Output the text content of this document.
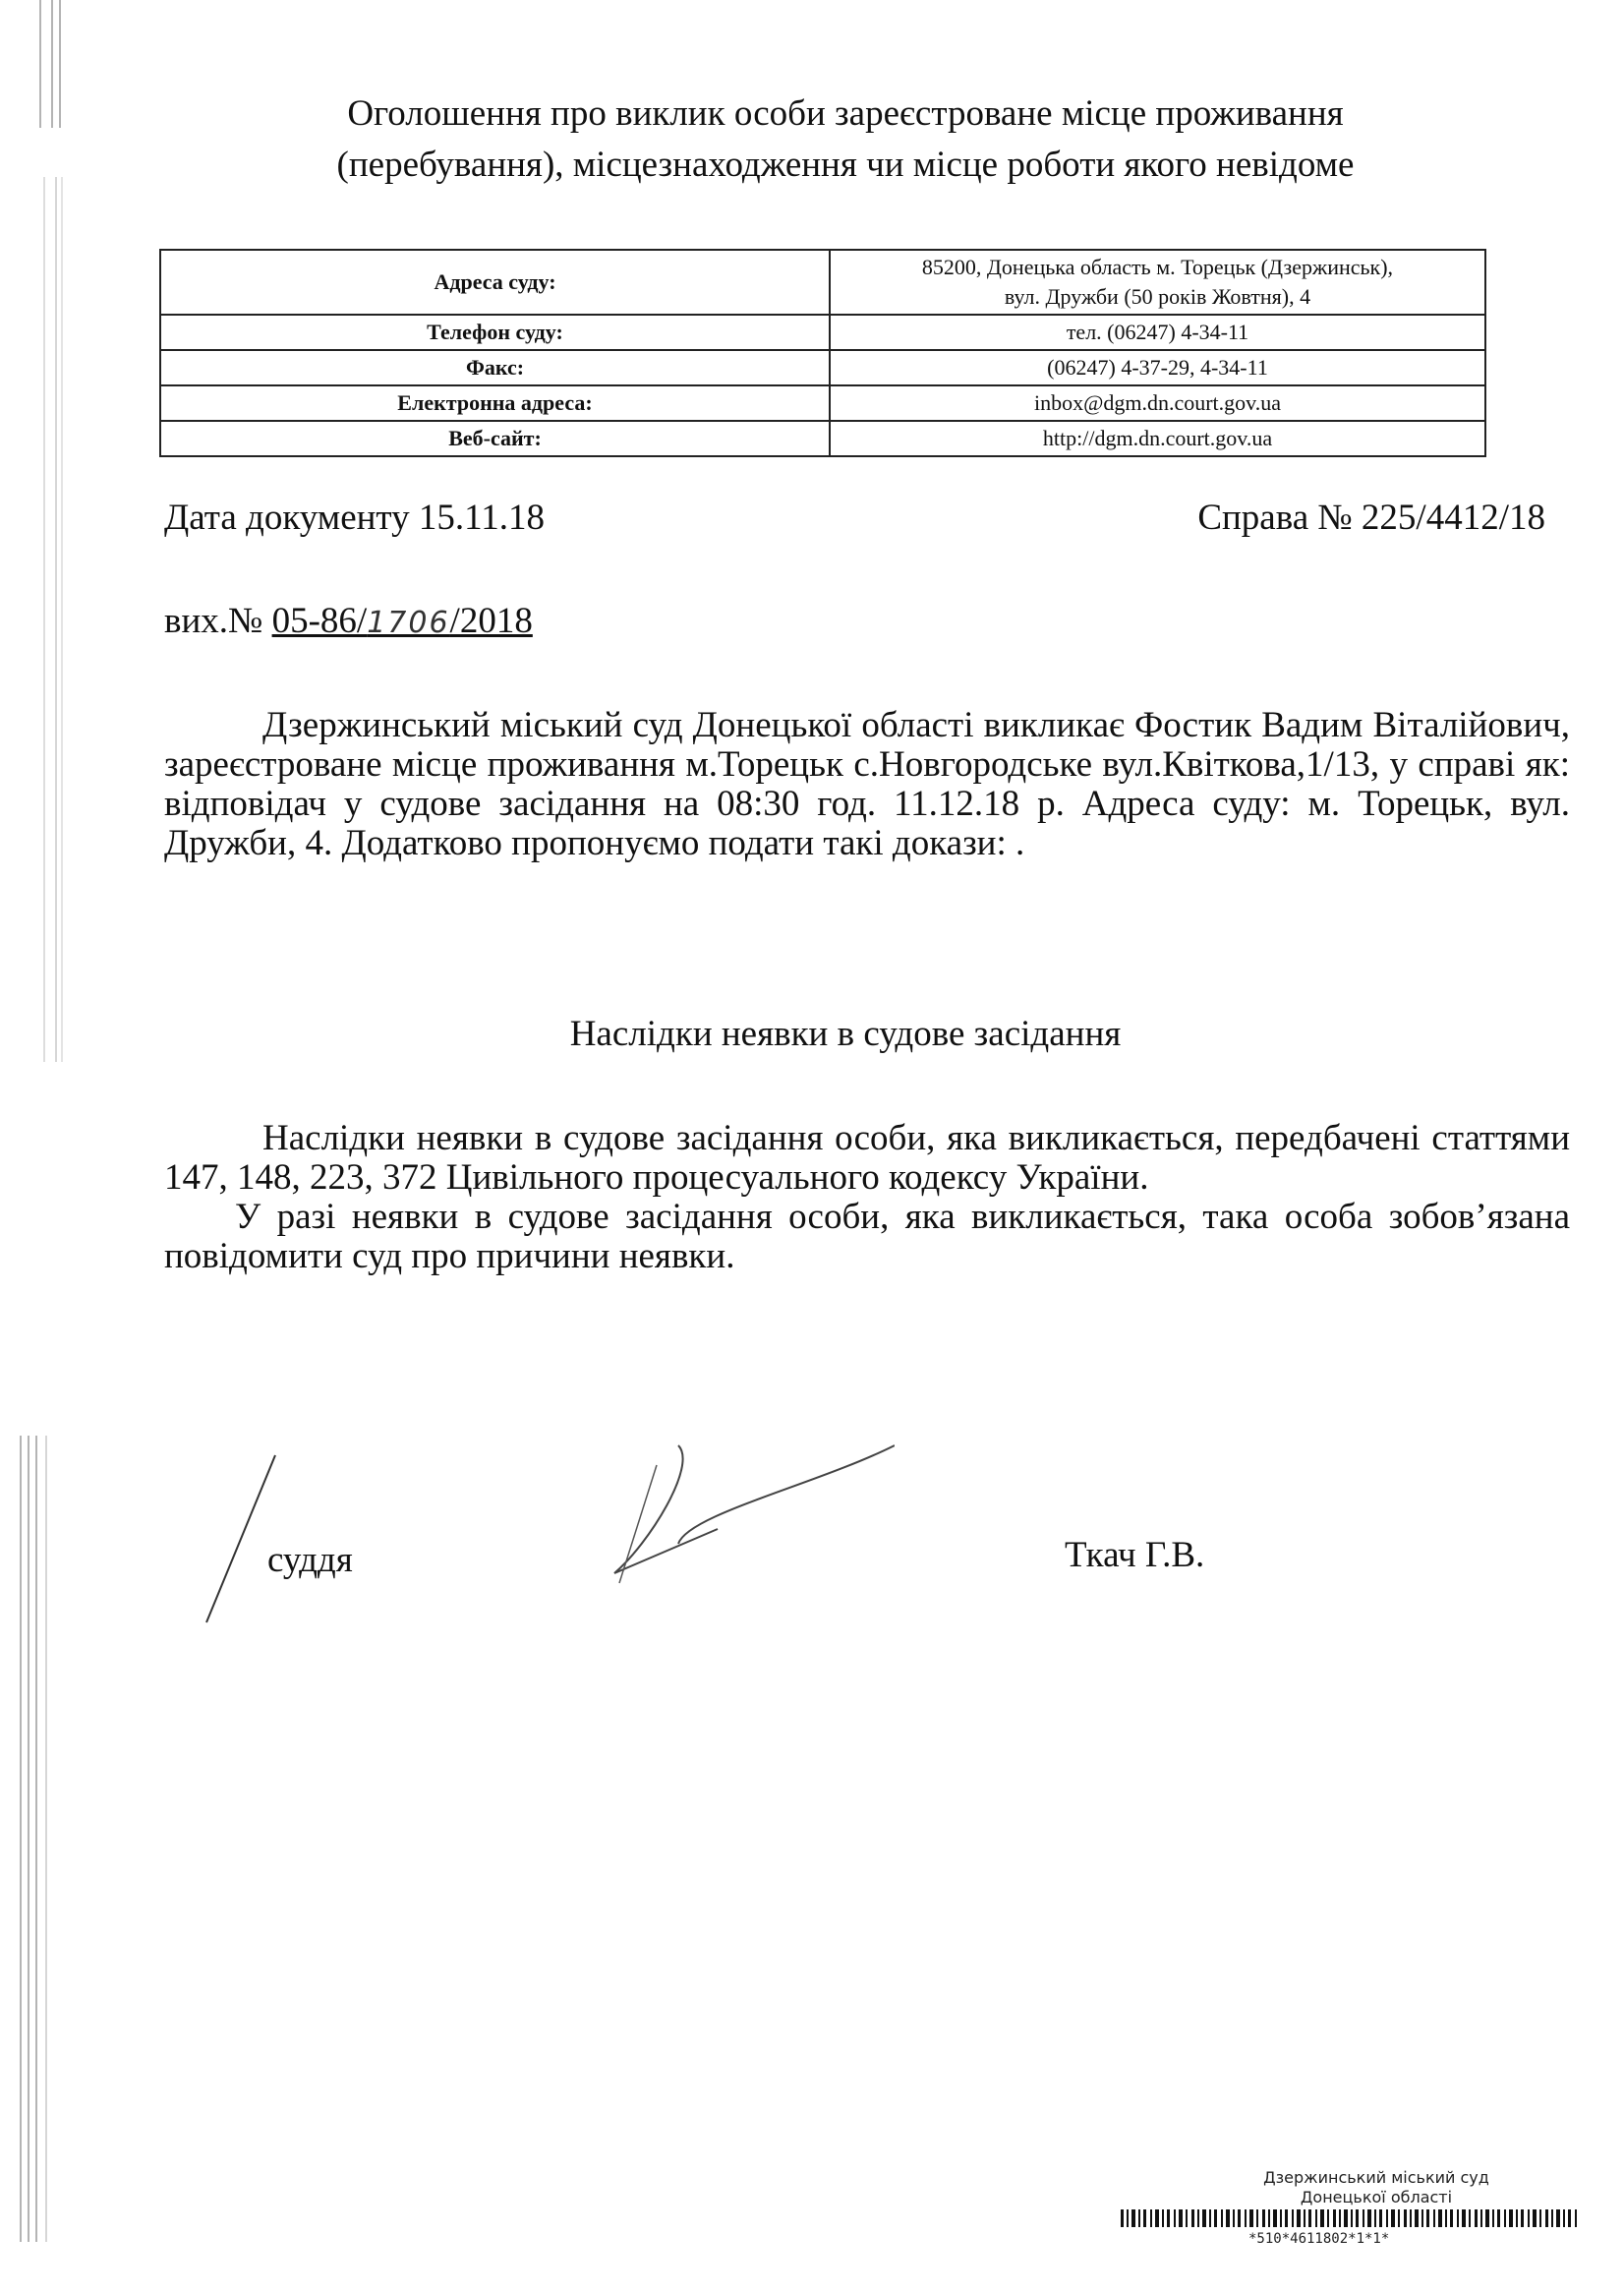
Оголошення про виклик особи зареєстроване місце проживання
(перебування), місцезнаходження чи місце роботи якого невідоме
Адреса суду:	85200, Донецька область м. Торецьк (Дзержинськ),
вул. Дружби (50 років Жовтня), 4

Телефон суду:	тел. (06247) 4-34-11
Факс:	(06247) 4-37-29, 4-34-11
Електронна адреса:	inbox@dgm.dn.court.gov.ua
Веб-сайт:	http://dgm.dn.court.gov.ua
Дата документу 15.11.18	Справа № 225/4412/18
вих.№ 05-86/1706/2018

Дзержинський міський суд Донецької області викликає Фостик Вадим Віталійович, зареєстроване місце проживання м.Торецьк с.Новгородське вул.Квіткова,1/13, у справі як: відповідач у судове засідання на 08:30 год. 11.12.18 р. Адреса суду: м. Торецьк, вул. Дружби, 4. Додатково пропонуємо подати такі докази: .

Наслідки неявки в судове засідання

Наслідки неявки в судове засідання особи, яка викликається, передбачені статтями 147, 148, 223, 372 Цивільного процесуального кодексу України.

У разі неявки в судове засідання особи, яка викликається, така особа зобов’язана повідомити суд про причини неявки.

суддя	Ткач Г.В.
Дзержинський міський суд
Донецької області
*510*4611802*1*1*
